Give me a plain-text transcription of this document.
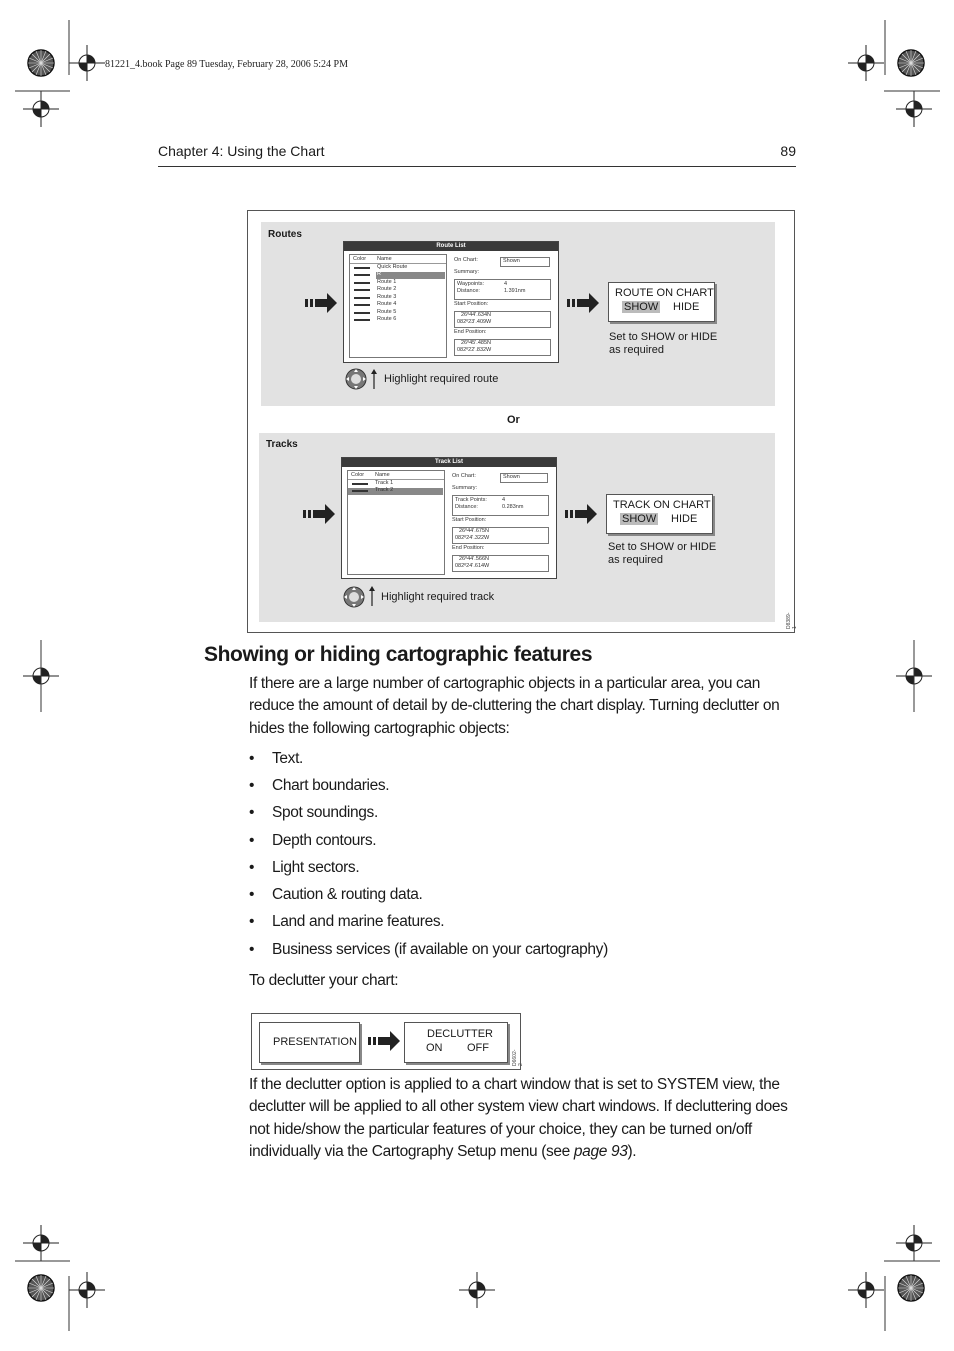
81221_4.book Page 89 Tuesday, February 28, 2006 5:24 PM
Chapter 4: Using the Chart	89
Routes
Route List
Color Name
Quick Route
R
Route 1
Route 2
Route 3
Route 4
Route 5
Route 6
On Chart:	Shown
Summary:
Waypoints:	4
Distance:	1.391nm
Start Position:
26º44'.634N
082º23'.409W
End Position:
26º45'.485N
082º22'.832W
ROUTE ON CHART
SHOW HIDE
Set to SHOW or HIDE
as required
Highlight required route
Or
Tracks
Track List
Color Name
Track 1
Track 2
On Chart:	Shown
Summary:
Track Points:	4
Distance:	0.283nm
Start Position:
26º44'.675N
082º24'.322W
End Position:
26º44'.566N
082º24'.614W
TRACK ON CHART
SHOW HIDE
Set to SHOW or HIDE
as required
Highlight required track
D8389-1
Showing or hiding cartographic features
If there are a large number of cartographic objects in a particular area, you can reduce the amount of detail by de-cluttering the chart display. Turning declutter on hides the following cartographic objects:
• Text.
• Chart boundaries.
• Spot soundings.
• Depth contours.
• Light sectors.
• Caution & routing data.
• Land and marine features.
• Business services (if available on your cartography)
To declutter your chart:
PRESENTATION
DECLUTTER
ON OFF
D6602-2
If the declutter option is applied to a chart window that is set to SYSTEM view, the declutter will be applied to all other system view chart windows. If decluttering does not hide/show the particular features of your choice, they can be turned on/off individually via the Cartography Setup menu (see page 93).
